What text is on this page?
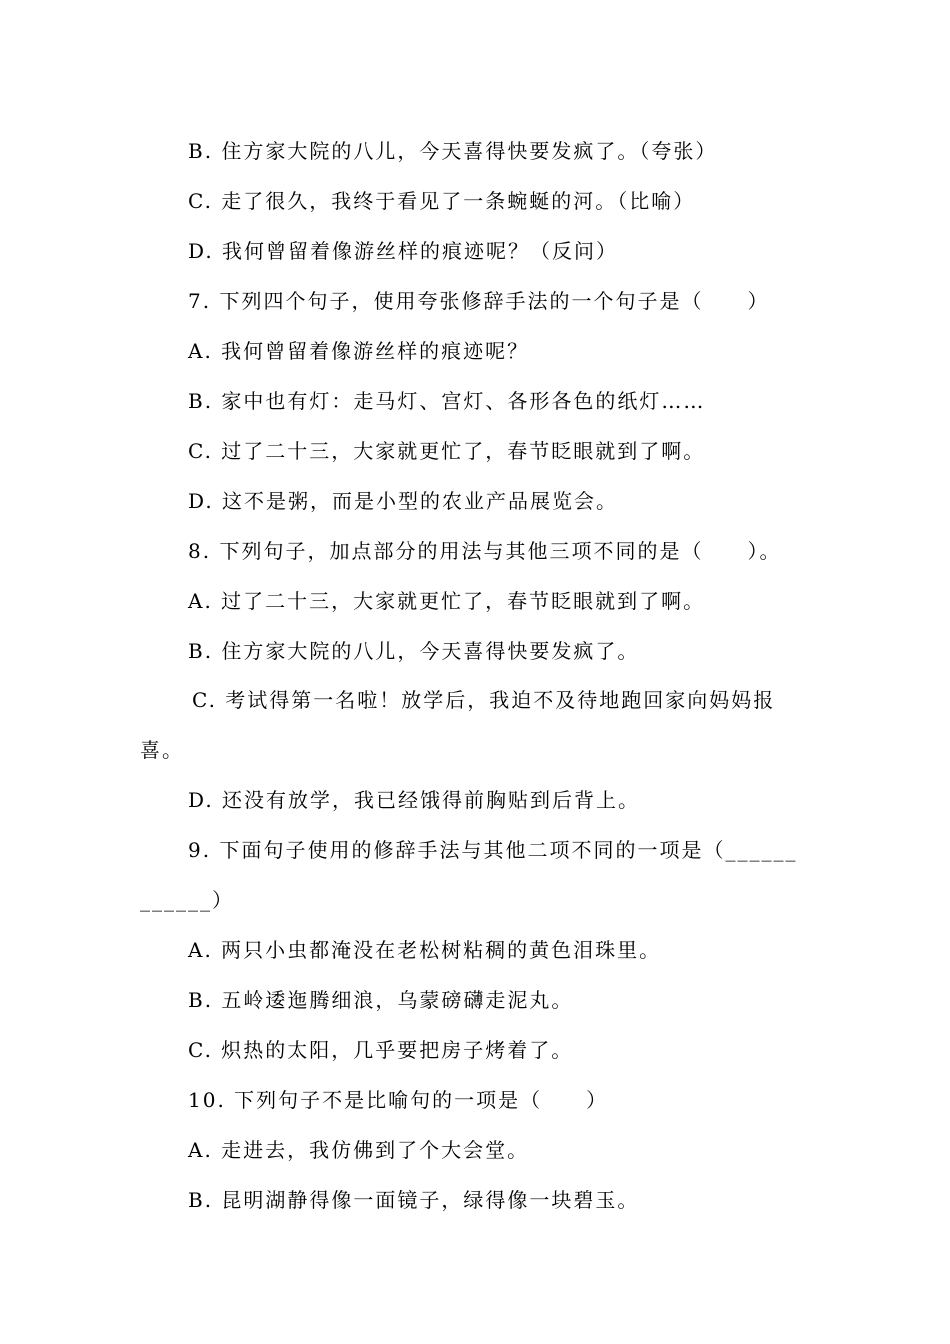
B. 住方家大院的八儿，今天喜得快要发疯了。（夸张）
C. 走了很久，我终于看见了一条蜿蜒的河。（比喻）
D. 我何曾留着像游丝样的痕迹呢？（反问）
7. 下列四个句子，使用夸张修辞手法的一个句子是（　　）
A. 我何曾留着像游丝样的痕迹呢？
B. 家中也有灯：走马灯、宫灯、各形各色的纸灯……
C. 过了二十三，大家就更忙了，春节眨眼就到了啊。
D. 这不是粥，而是小型的农业产品展览会。
8. 下列句子，加点部分的用法与其他三项不同的是（　　）。
A. 过了二十三，大家就更忙了，春节眨眼就到了啊。
B. 住方家大院的八儿，今天喜得快要发疯了。
C. 考试得第一名啦！放学后，我迫不及待地跑回家向妈妈报
喜。
D. 还没有放学，我已经饿得前胸贴到后背上。
9. 下面句子使用的修辞手法与其他二项不同的一项是（______
______）
A. 两只小虫都淹没在老松树粘稠的黄色泪珠里。
B. 五岭逶迤腾细浪，乌蒙磅礴走泥丸。
C. 炽热的太阳，几乎要把房子烤着了。
10. 下列句子不是比喻句的一项是（　　）
A. 走进去，我仿佛到了个大会堂。
B. 昆明湖静得像一面镜子，绿得像一块碧玉。
